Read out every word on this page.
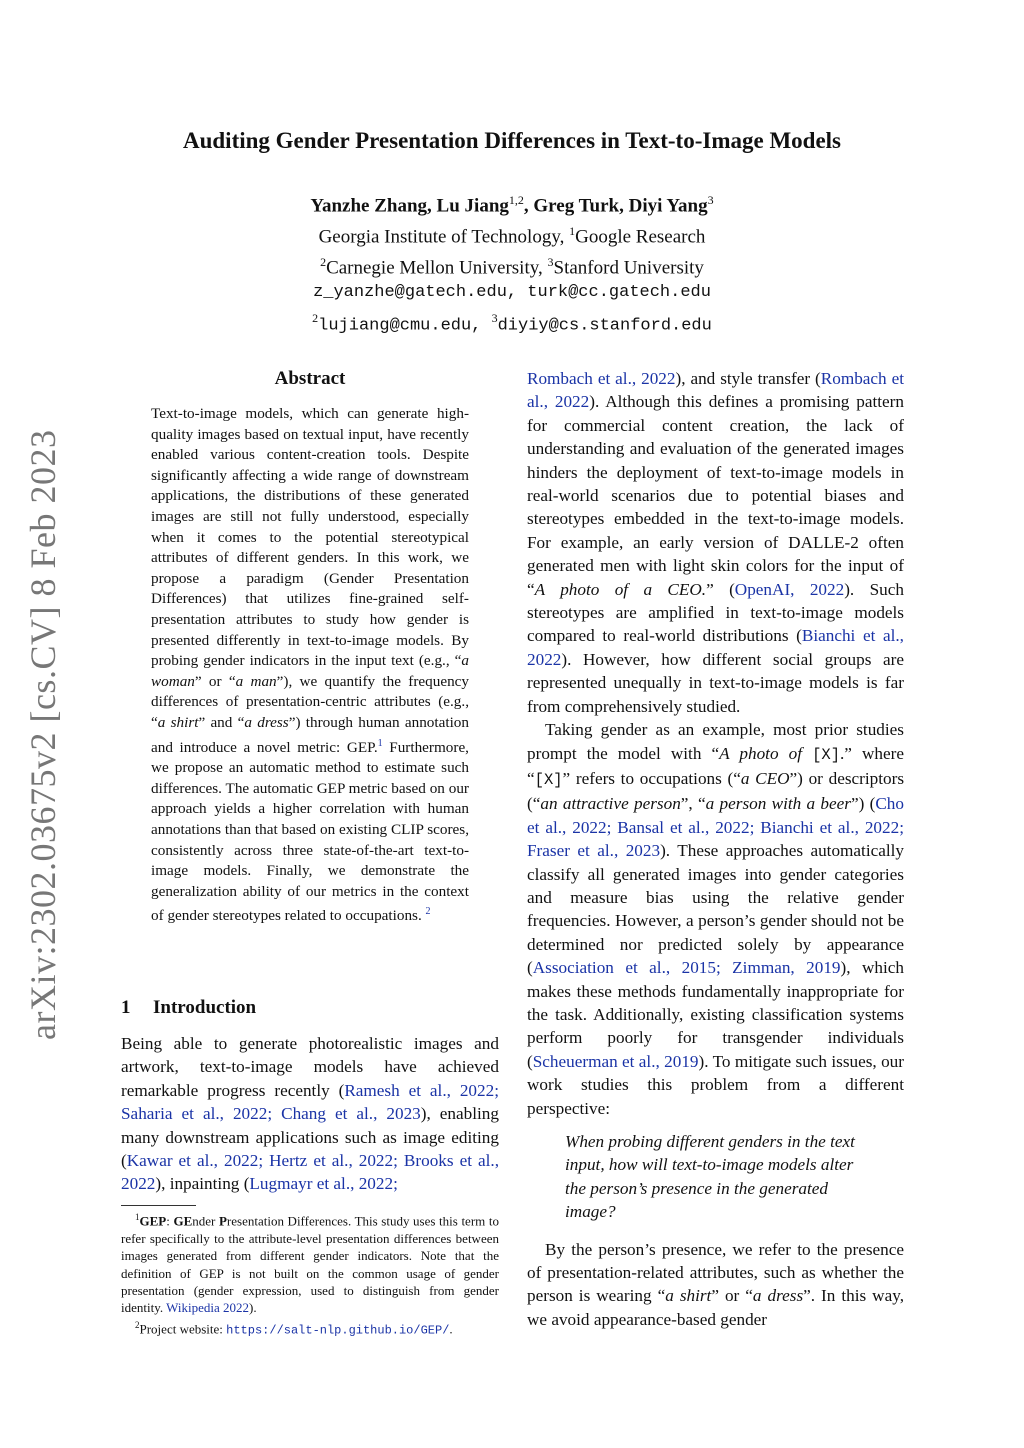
arXiv:2302.03675v2 [cs.CV] 8 Feb 2023
Auditing Gender Presentation Differences in Text-to-Image Models
Yanzhe Zhang, Lu Jiang$^{1,2}$, Greg Turk, Diyi Yang$^3$
Georgia Institute of Technology, $^1$Google Research
$^2$Carnegie Mellon University, $^3$Stanford University
z_yanzhe@gatech.edu, turk@cc.gatech.edu
$^2$lujiang@cmu.edu, $^3$diyiy@cs.stanford.edu
Abstract
Text-to-image models, which can generate high-quality images based on textual input, have recently enabled various content-creation tools. Despite significantly affecting a wide range of downstream applications, the distributions of these generated images are still not fully understood, especially when it comes to the potential stereotypical attributes of different genders. In this work, we propose a paradigm (Gender Presentation Differences) that utilizes fine-grained self-presentation attributes to study how gender is presented differently in text-to-image models. By probing gender indicators in the input text (e.g., “a woman” or “a man”), we quantify the frequency differences of presentation-centric attributes (e.g., “a shirt” and “a dress”) through human annotation and introduce a novel metric: GEP.$^1$ Furthermore, we propose an automatic method to estimate such differences. The automatic GEP metric based on our approach yields a higher correlation with human annotations than that based on existing CLIP scores, consistently across three state-of-the-art text-to-image models. Finally, we demonstrate the generalization ability of our metrics in the context of gender stereotypes related to occupations. $^2$
1 Introduction
Being able to generate photorealistic images and artwork, text-to-image models have achieved remarkable progress recently (Ramesh et al., 2022; Saharia et al., 2022; Chang et al., 2023), enabling many downstream applications such as image editing (Kawar et al., 2022; Hertz et al., 2022; Brooks et al., 2022), inpainting (Lugmayr et al., 2022;

$^1$GEP: GEnder Presentation Differences. This study uses this term to refer specifically to the attribute-level presentation differences between images generated from different gender indicators. Note that the definition of GEP is not built on the common usage of gender presentation (gender expression, used to distinguish from gender identity. Wikipedia 2022).

$^2$Project website: https://salt-nlp.github.io/GEP/.

Rombach et al., 2022), and style transfer (Rombach et al., 2022). Although this defines a promising pattern for commercial content creation, the lack of understanding and evaluation of the generated images hinders the deployment of text-to-image models in real-world scenarios due to potential biases and stereotypes embedded in the text-to-image models. For example, an early version of DALLE-2 often generated men with light skin colors for the input of “A photo of a CEO.” (OpenAI, 2022). Such stereotypes are amplified in text-to-image models compared to real-world distributions (Bianchi et al., 2022). However, how different social groups are represented unequally in text-to-image models is far from comprehensively studied.

Taking gender as an example, most prior studies prompt the model with “A photo of [X].” where “[X]” refers to occupations (“a CEO”) or descriptors (“an attractive person”, “a person with a beer”) (Cho et al., 2022; Bansal et al., 2022; Bianchi et al., 2022; Fraser et al., 2023). These approaches automatically classify all generated images into gender categories and measure bias using the relative gender frequencies. However, a person’s gender should not be determined nor predicted solely by appearance (Association et al., 2015; Zimman, 2019), which makes these methods fundamentally inappropriate for the task. Additionally, existing classification systems perform poorly for transgender individuals (Scheuerman et al., 2019). To mitigate such issues, our work studies this problem from a different perspective:

When probing different genders in the text input, how will text-to-image models alter the person’s presence in the generated image?

By the person’s presence, we refer to the presence of presentation-related attributes, such as whether the person is wearing “a shirt” or “a dress”. In this way, we avoid appearance-based gender
